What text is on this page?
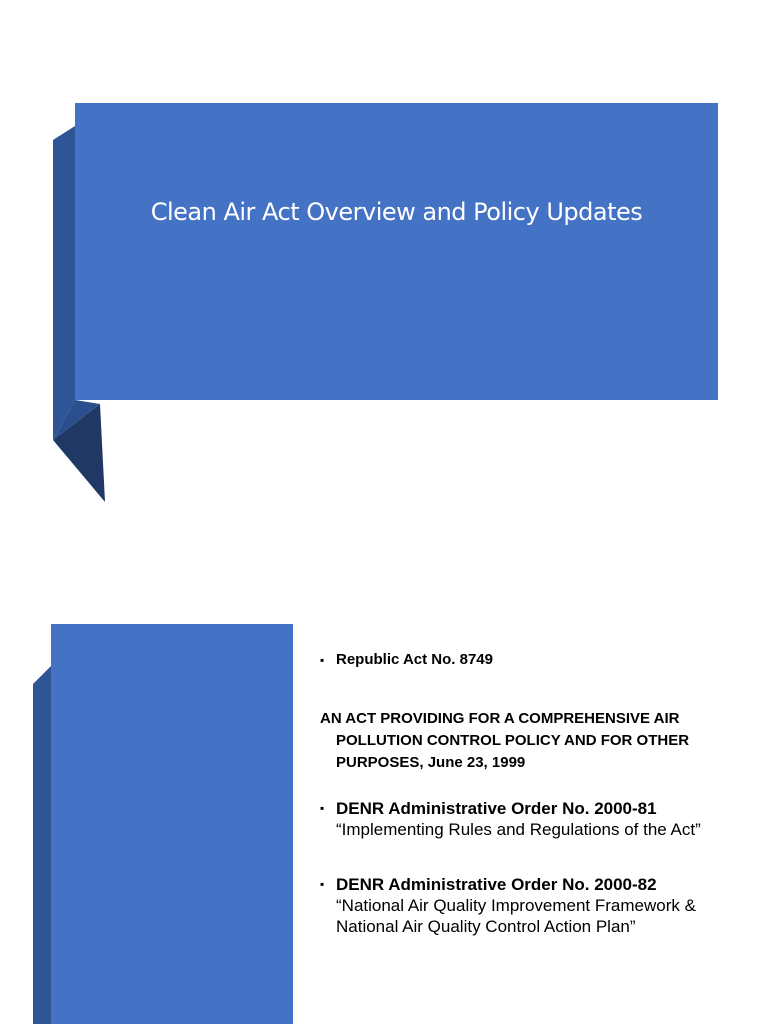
Clean Air Act Overview and Policy Updates
▪ Republic Act No. 8749
AN ACT PROVIDING FOR A COMPREHENSIVE AIR POLLUTION CONTROL POLICY AND FOR OTHER PURPOSES, June 23, 1999
▪ DENR Administrative Order No. 2000-81 “Implementing Rules and Regulations of the Act”
▪ DENR Administrative Order No. 2000-82 “National Air Quality Improvement Framework & National Air Quality Control Action Plan”
